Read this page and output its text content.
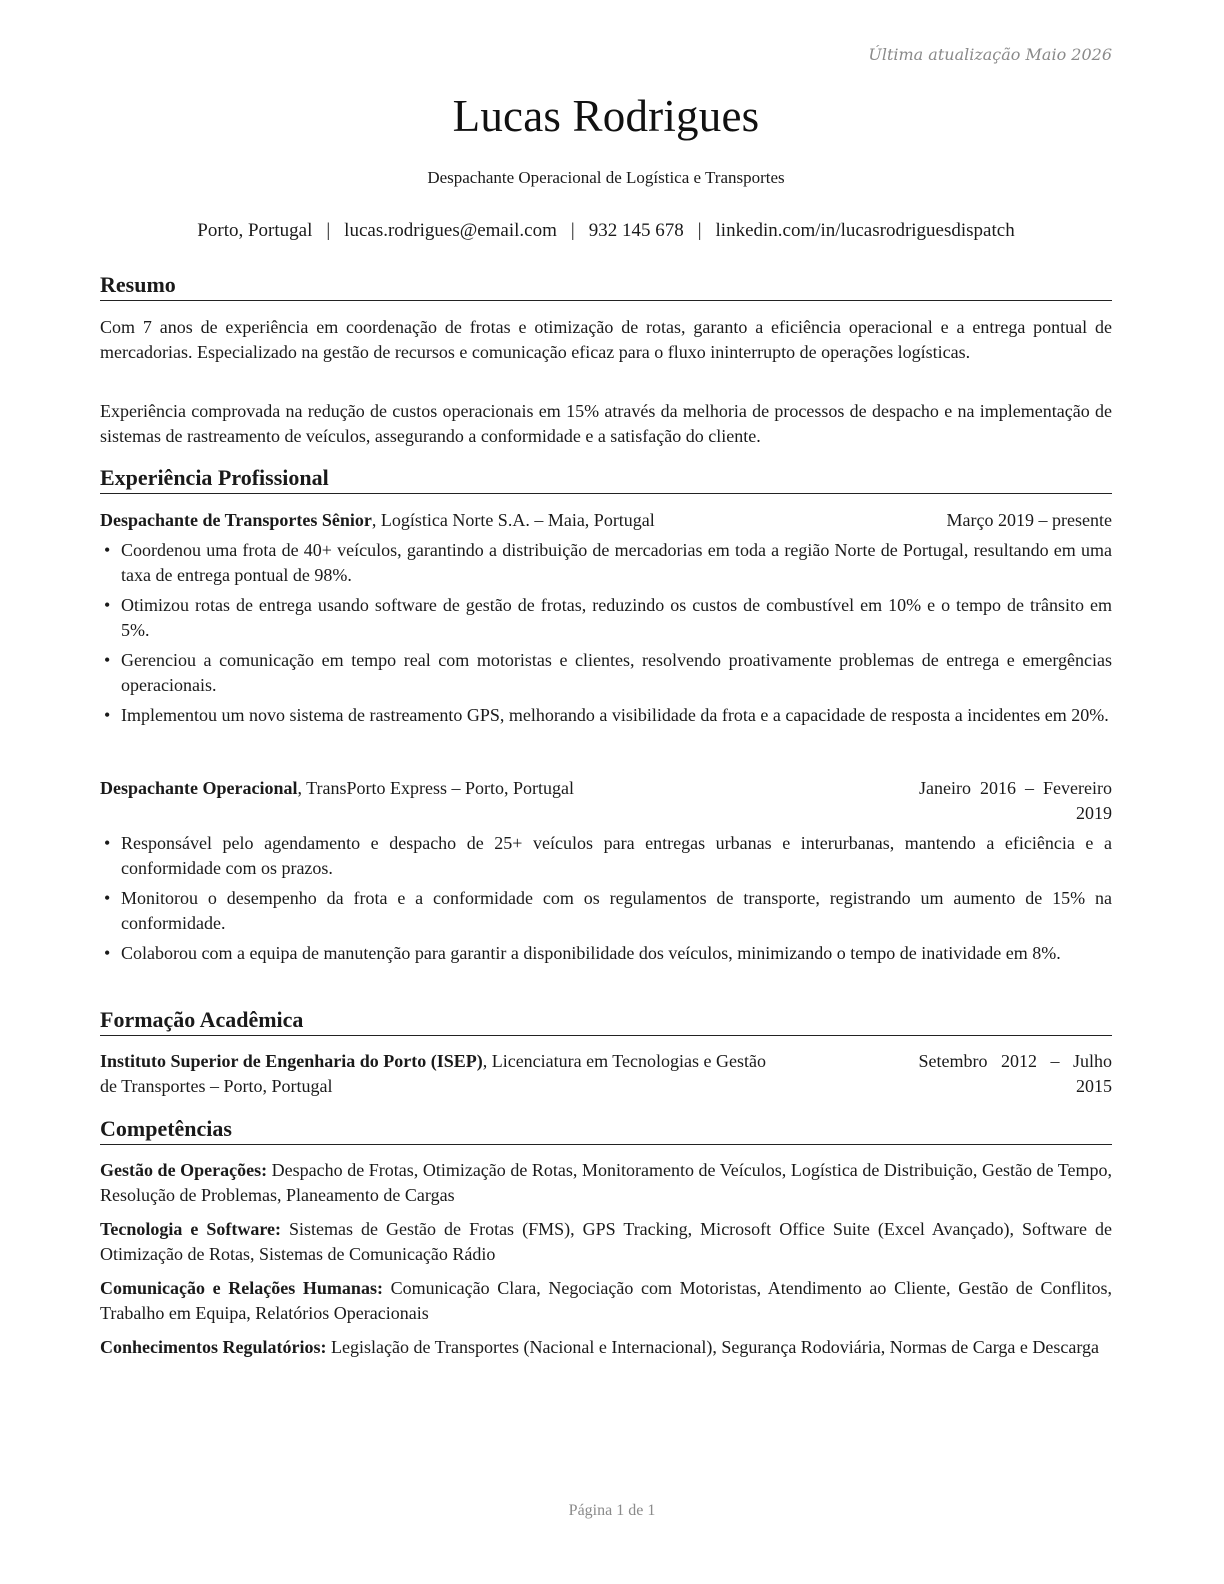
Última atualização Maio 2026
Lucas Rodrigues
Despachante Operacional de Logística e Transportes
Porto, Portugal | lucas.rodrigues@email.com | 932 145 678 | linkedin.com/in/lucasrodriguesdispatch
Resumo
Com 7 anos de experiência em coordenação de frotas e otimização de rotas, garanto a eficiência operacional e a entrega pontual de mercadorias. Especializado na gestão de recursos e comunicação eficaz para o fluxo ininterrupto de operações logísticas.
Experiência comprovada na redução de custos operacionais em 15% através da melhoria de processos de despacho e na implementação de sistemas de rastreamento de veículos, assegurando a conformidade e a satisfação do cliente.
Experiência Profissional
Despachante de Transportes Sênior, Logística Norte S.A. – Maia, Portugal	Março 2019 – presente
• Coordenou uma frota de 40+ veículos, garantindo a distribuição de mercadorias em toda a região Norte de Portugal, resultando em uma taxa de entrega pontual de 98%.
• Otimizou rotas de entrega usando software de gestão de frotas, reduzindo os custos de combustível em 10% e o tempo de trânsito em 5%.
• Gerenciou a comunicação em tempo real com motoristas e clientes, resolvendo proativamente problemas de entrega e emergências operacionais.
• Implementou um novo sistema de rastreamento GPS, melhorando a visibilidade da frota e a capacidade de resposta a incidentes em 20%.
Despachante Operacional, TransPorto Express – Porto, Portugal	Janeiro  2016  –  Fevereiro
2019
• Responsável pelo agendamento e despacho de 25+ veículos para entregas urbanas e interurbanas, mantendo a eficiência e a conformidade com os prazos.
• Monitorou o desempenho da frota e a conformidade com os regulamentos de transporte, registrando um aumento de 15% na conformidade.
• Colaborou com a equipa de manutenção para garantir a disponibilidade dos veículos, minimizando o tempo de inatividade em 8%.
Formação Acadêmica
Instituto Superior de Engenharia do Porto (ISEP), Licenciatura em Tecnologias e Gestão
de Transportes – Porto, Portugal
Setembro   2012   –   Julho
2015
Competências
Gestão de Operações: Despacho de Frotas, Otimização de Rotas, Monitoramento de Veículos, Logística de Distribuição, Gestão de Tempo, Resolução de Problemas, Planeamento de Cargas
Tecnologia e Software: Sistemas de Gestão de Frotas (FMS), GPS Tracking, Microsoft Office Suite (Excel Avançado), Software de Otimização de Rotas, Sistemas de Comunicação Rádio
Comunicação e Relações Humanas: Comunicação Clara, Negociação com Motoristas, Atendimento ao Cliente, Gestão de Conflitos, Trabalho em Equipa, Relatórios Operacionais
Conhecimentos Regulatórios: Legislação de Transportes (Nacional e Internacional), Segurança Rodoviária, Normas de Carga e Descarga
Página 1 de 1
